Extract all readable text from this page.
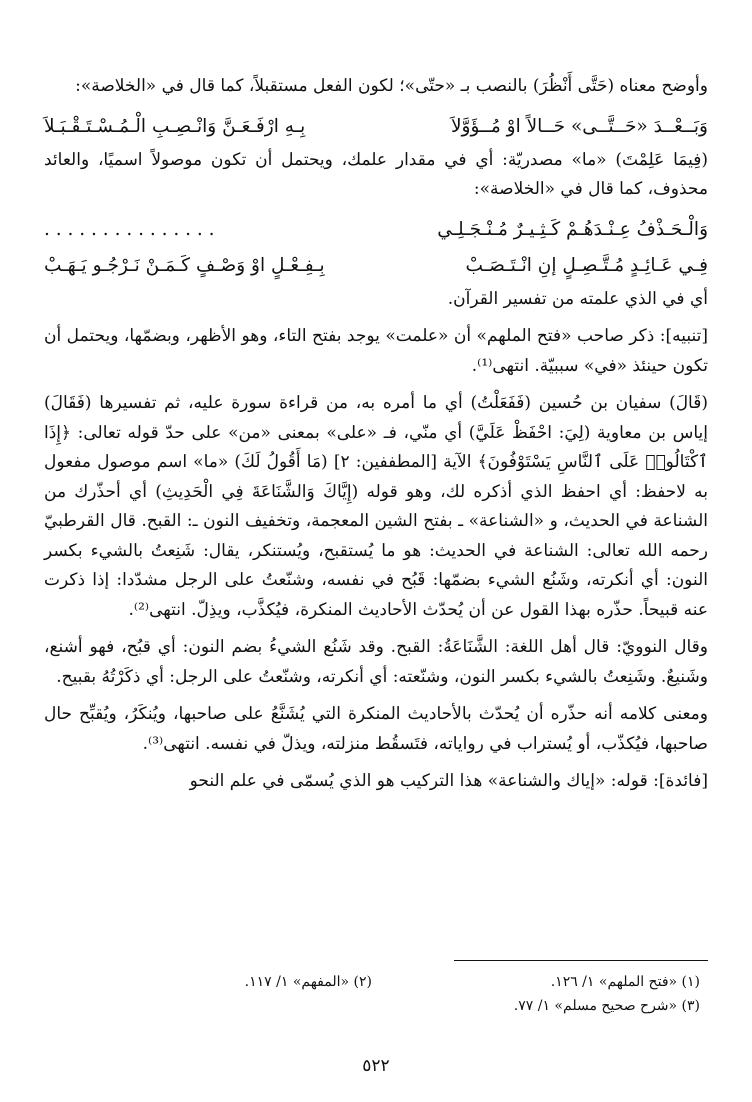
وأوضح معناه (حَتَّى أَنْظُرَ) بالنصب بـ «حتّى»؛ لكون الفعل مستقبلاً، كما قال في «الخلاصة»:

وَبَــعْــدَ «حَــتَّــى» حَــالاً اوْ مُــؤَوَّلاَ
بِـهِ ارْفَـعَـنَّ وَانْـصِـبِ الْـمُـسْـتَـقْـبَـلاَ

(فِيمَا عَلِمْتَ) «ما» مصدريّة: أي في مقدار علمك، ويحتمل أن تكون موصولاً اسميًا، والعائد محذوف، كما قال في «الخلاصة»:

وَالْـحَـذْفُ عِـنْـدَهُـمْ كَـثِـيـرٌ مُـنْـجَـلِـي
. . . . . . . . . . . . . . .
فِـي عَـائِـدٍ مُـتَّـصِـلٍ إنِ انْـتَـصَـبْ
بِـفِـعْـلٍ اوْ وَصْـفٍ كَـمَـنْ نَـرْجُـو يَـهَـبْ

أي في الذي علمته من تفسير القرآن.

[تنبيه]: ذكر صاحب «فتح الملهم» أن «علمت» يوجد بفتح التاء، وهو الأظهر، وبضمّها، ويحتمل أن تكون حينئذ «في» سببيّة. انتهى⁽¹⁾.

(قَالَ) سفيان بن حُسين (فَفَعَلْتُ) أي ما أمره به، من قراءة سورة عليه، ثم تفسيرها (فَقَالَ) إياس بن معاوية (لِيَ: احْفَظْ عَلَيَّ) أي منّي، فـ «على» بمعنى «من» على حدّ قوله تعالى: ﴿إِذَا ٱكْتَالُوا۟ عَلَى ٱلنَّاسِ يَسْتَوْفُونَ﴾ الآية [المطففين: ٢] (مَا أَقُولُ لَكَ) «ما» اسم موصول مفعول به لاحفظ: أي احفظ الذي أذكره لك، وهو قوله (إِيَّاكَ وَالشَّنَاعَةَ فِي الْحَدِيثِ) أي أحذّرك من الشناعة في الحديث، و «الشناعة» ـ بفتح الشين المعجمة، وتخفيف النون ـ: القبح. قال القرطبيّ رحمه الله تعالى: الشناعة في الحديث: هو ما يُستقبح، ويُستنكر، يقال: شَنِعتُ بالشيء بكسر النون: أي أنكرته، وشَنُع الشيء بضمّها: قَبُح في نفسه، وشنّعتُ على الرجل مشدّدا: إذا ذكرت عنه قبيحاً. حذّره بهذا القول عن أن يُحدّث الأحاديث المنكرة، فيُكذَّب، ويذِلّ. انتهى⁽²⁾.

وقال النوويّ: قال أهل اللغة: الشَّنَاعَةُ: القبح. وقد شَنُع الشيءُ بضم النون: أي قبُح، فهو أشنع، وشَنيعٌ. وشَنِعتُ بالشيء بكسر النون، وشنّعته: أي أنكرته، وشنّعتُ على الرجل: أي ذكَرْتُهُ بقبيح.

ومعنى كلامه أنه حذّره أن يُحدّث بالأحاديث المنكرة التي يُشَنَّعُ على صاحبها، ويُنكَرُ، ويُقبِّح حال صاحبها، فيُكذّب، أو يُستراب في رواياته، فتَسقُط منزلته، ويذلّ في نفسه. انتهى⁽³⁾.

[فائدة]: قوله: «إياك والشناعة» هذا التركيب هو الذي يُسمّى في علم النحو

(١) «فتح الملهم» ١/ ١٢٦.
(٢) «المفهم» ١/ ١١٧.
(٣) «شرح صحيح مسلم» ١/ ٧٧.
٥٢٢
